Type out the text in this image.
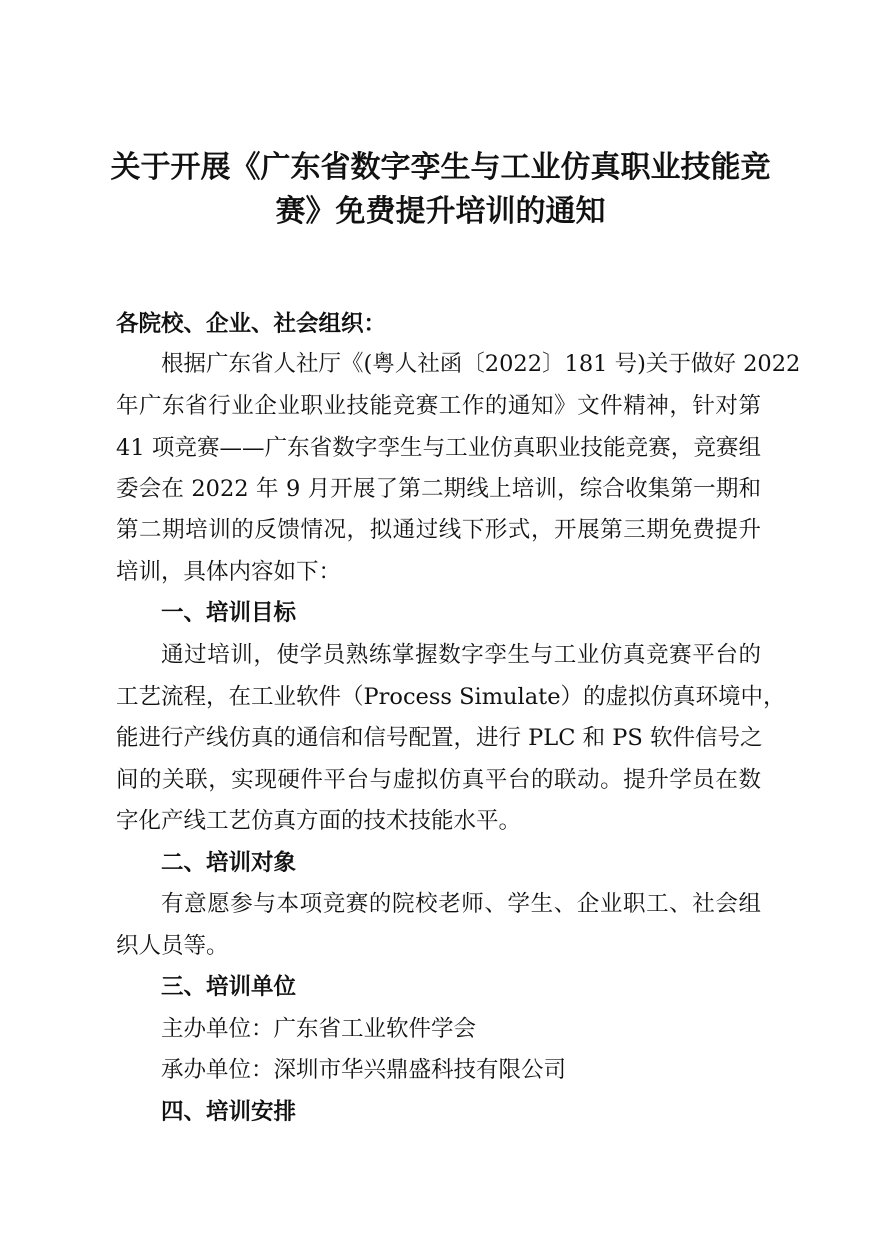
关于开展《广东省数字孪生与工业仿真职业技能竞
赛》免费提升培训的通知
各院校、企业、社会组织：
根据广东省人社厅《(粤人社函〔2022〕181 号)关于做好 2022
年广东省行业企业职业技能竞赛工作的通知》文件精神，针对第
41 项竞赛——广东省数字孪生与工业仿真职业技能竞赛，竞赛组
委会在 2022 年 9 月开展了第二期线上培训，综合收集第一期和
第二期培训的反馈情况，拟通过线下形式，开展第三期免费提升
培训，具体内容如下：
一、培训目标
通过培训，使学员熟练掌握数字孪生与工业仿真竞赛平台的
工艺流程，在工业软件（Process Simulate）的虚拟仿真环境中，
能进行产线仿真的通信和信号配置，进行 PLC 和 PS 软件信号之
间的关联，实现硬件平台与虚拟仿真平台的联动。提升学员在数
字化产线工艺仿真方面的技术技能水平。
二、培训对象
有意愿参与本项竞赛的院校老师、学生、企业职工、社会组
织人员等。
三、培训单位
主办单位：广东省工业软件学会
承办单位：深圳市华兴鼎盛科技有限公司
四、培训安排
